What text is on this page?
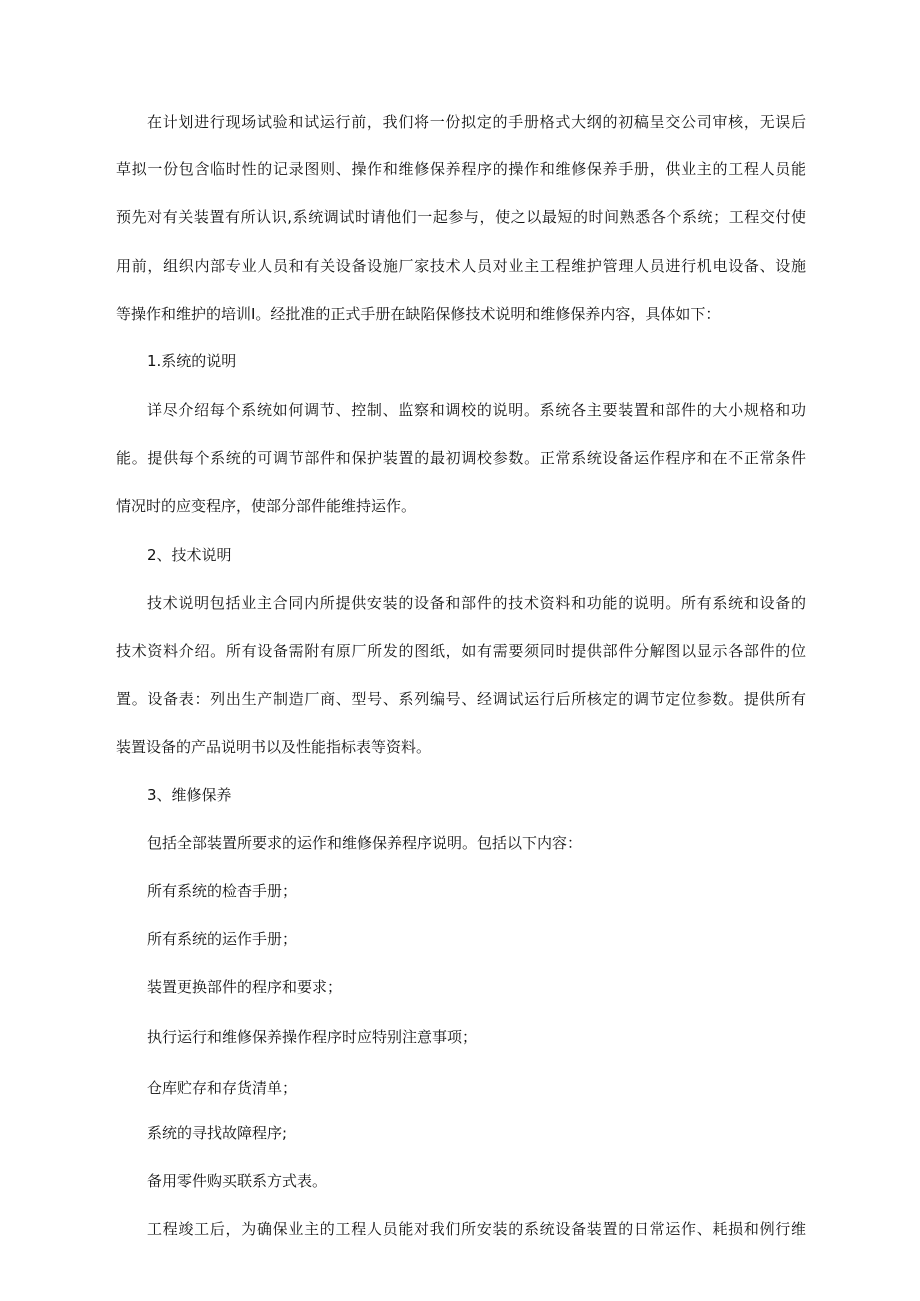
在计划进行现场试验和试运行前，我们将一份拟定的手册格式大纲的初稿呈交公司审核，无误后
草拟一份包含临时性的记录图则、操作和维修保养程序的操作和维修保养手册，供业主的工程人员能
预先对有关装置有所认识,系统调试时请他们一起参与，使之以最短的时间熟悉各个系统；工程交付使
用前，组织内部专业人员和有关设备设施厂家技术人员对业主工程维护管理人员进行机电设备、设施
等操作和维护的培训Ⅰ。经批准的正式手册在缺陷保修技术说明和维修保养内容，具体如下：
1.系统的说明
详尽介绍每个系统如何调节、控制、监察和调校的说明。系统各主要装置和部件的大小规格和功
能。提供每个系统的可调节部件和保护装置的最初调校参数。正常系统设备运作程序和在不正常条件
情况时的应变程序，使部分部件能维持运作。
2、技术说明
技术说明包括业主合同内所提供安装的设备和部件的技术资料和功能的说明。所有系统和设备的
技术资料介绍。所有设备需附有原厂所发的图纸，如有需要须同时提供部件分解图以显示各部件的位
置。设备表：列出生产制造厂商、型号、系列编号、经调试运行后所核定的调节定位参数。提供所有
装置设备的产品说明书以及性能指标表等资料。
3、维修保养
包括全部装置所要求的运作和维修保养程序说明。包括以下内容：
所有系统的检杳手册；
所有系统的运作手册；
装置更换部件的程序和要求；
执行运行和维修保养操作程序时应特别注意事项；
仓库贮存和存货清单；
系统的寻找故障程序;
备用零件购买联系方式表。
工程竣工后，为确保业主的工程人员能对我们所安装的系统设备装置的日常运作、耗损和例行维
